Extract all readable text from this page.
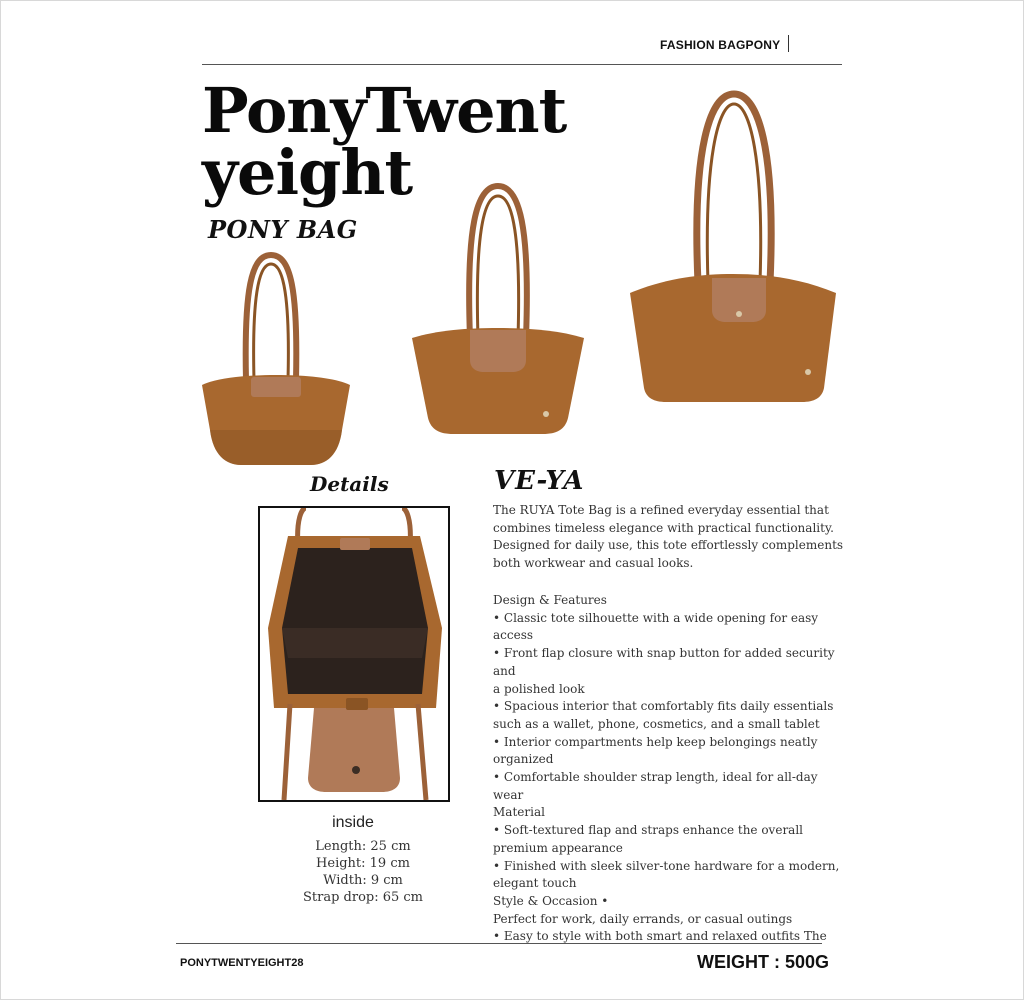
FASHION BAGPONY
PonyTwent
yeight
PONY BAG
Details
inside
Length: 25 cm
Height: 19 cm
Width: 9 cm
Strap drop: 65 cm
VE-YA
The RUYA Tote Bag is a refined everyday essential that
combines timeless elegance with practical functionality.
Designed for daily use, this tote effortlessly complements
both workwear and casual looks.
Design & Features
• Classic tote silhouette with a wide opening for easy access
• Front flap closure with snap button for added security and
a polished look
• Spacious interior that comfortably fits daily essentials
such as a wallet, phone, cosmetics, and a small tablet
• Interior compartments help keep belongings neatly
organized
• Comfortable shoulder strap length, ideal for all-day wear
Material
• Soft-textured flap and straps enhance the overall
premium appearance
• Finished with sleek silver-tone hardware for a modern,
elegant touch
Style & Occasion •
Perfect for work, daily errands, or casual outings
• Easy to style with both smart and relaxed outfits The
PONYTWENTYEIGHT28	WEIGHT : 500G
